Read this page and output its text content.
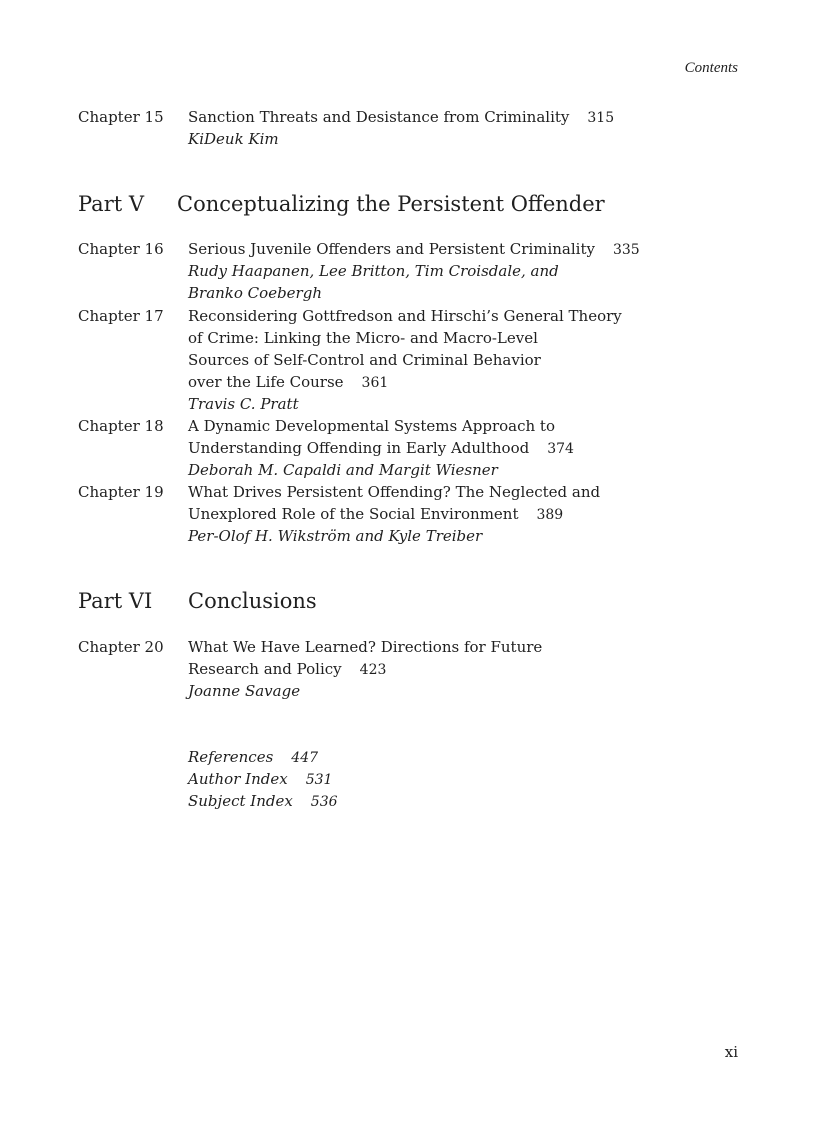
Contents
Chapter 15 Sanction Threats and Desistance from Criminality 315
KiDeuk Kim
Part V Conceptualizing the Persistent Offender
Chapter 16 Serious Juvenile Offenders and Persistent Criminality 335
Rudy Haapanen, Lee Britton, Tim Croisdale, and
Branko Coebergh
Chapter 17 Reconsidering Gottfredson and Hirschi’s General Theory
of Crime: Linking the Micro- and Macro-Level
Sources of Self-Control and Criminal Behavior
over the Life Course 361
Travis C. Pratt
Chapter 18 A Dynamic Developmental Systems Approach to
Understanding Offending in Early Adulthood 374
Deborah M. Capaldi and Margit Wiesner
Chapter 19 What Drives Persistent Offending? The Neglected and
Unexplored Role of the Social Environment 389
Per-Olof H. Wikström and Kyle Treiber
Part VI Conclusions
Chapter 20 What We Have Learned? Directions for Future
Research and Policy 423
Joanne Savage
References 447
Author Index 531
Subject Index 536
xi
